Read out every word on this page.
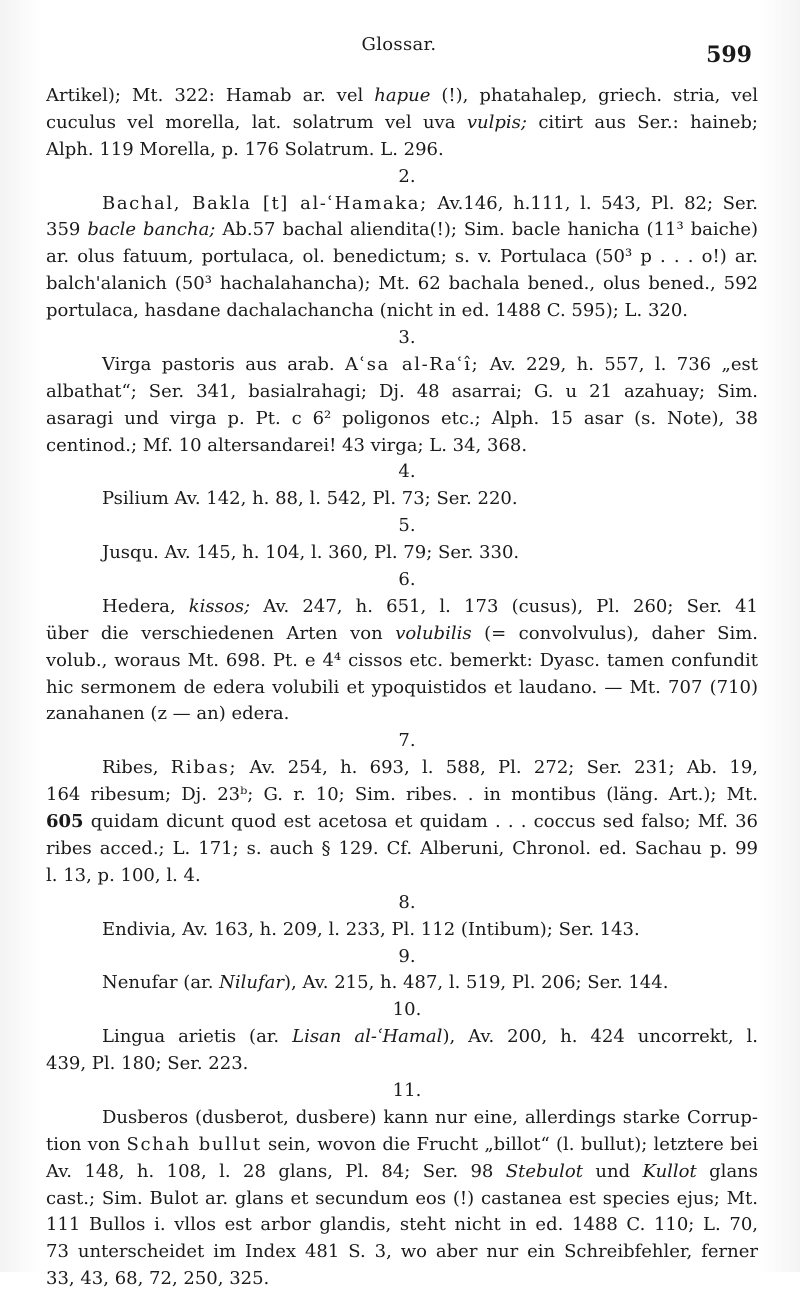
Glossar.	599
Artikel); Mt. 322: Hamab ar. vel hapue (!), phatahalep, griech. stria, vel
cuculus vel morella, lat. solatrum vel uva vulpis; citirt aus Ser.: haineb;
Alph. 119 Morella, p. 176 Solatrum. L. 296.
2.
Bachal, Bakla [t] al-ʿHamaka; Av.146, h.111, l. 543, Pl. 82; Ser.
359 bacle bancha; Ab.57 bachal aliendita(!); Sim. bacle hanicha (11³ baiche)
ar. olus fatuum, portulaca, ol. benedictum; s. v. Portulaca (50³ p . . . o!) ar.
balch'alanich (50³ hachalahancha); Mt. 62 bachala bened., olus bened., 592
portulaca, hasdane dachalachancha (nicht in ed. 1488 C. 595); L. 320.
3.
Virga pastoris aus arab. Aʿsa al-Raʿî; Av. 229, h. 557, l. 736 „est
albathat“; Ser. 341, basialrahagi; Dj. 48 asarrai; G. u 21 azahuay; Sim.
asaragi und virga p. Pt. c 6² poligonos etc.; Alph. 15 asar (s. Note), 38
centinod.; Mf. 10 altersandarei! 43 virga; L. 34, 368.
4.
Psilium Av. 142, h. 88, l. 542, Pl. 73; Ser. 220.
5.
Jusqu. Av. 145, h. 104, l. 360, Pl. 79; Ser. 330.
6.
Hedera, kissos; Av. 247, h. 651, l. 173 (cusus), Pl. 260; Ser. 41
über die verschiedenen Arten von volubilis (= convolvulus), daher Sim.
volub., woraus Mt. 698. Pt. e 4⁴ cissos etc. bemerkt: Dyasc. tamen confundit
hic sermonem de edera volubili et ypoquistidos et laudano. — Mt. 707 (710)
zanahanen (z — an) edera.
7.
Ribes, Ribas; Av. 254, h. 693, l. 588, Pl. 272; Ser. 231; Ab. 19,
164 ribesum; Dj. 23ᵇ; G. r. 10; Sim. ribes. . in montibus (läng. Art.); Mt.
605 quidam dicunt quod est acetosa et quidam . . . coccus sed falso; Mf. 36
ribes acced.; L. 171; s. auch § 129. Cf. Alberuni, Chronol. ed. Sachau p. 99
l. 13, p. 100, l. 4.
8.
Endivia, Av. 163, h. 209, l. 233, Pl. 112 (Intibum); Ser. 143.
9.
Nenufar (ar. Nilufar), Av. 215, h. 487, l. 519, Pl. 206; Ser. 144.
10.
Lingua arietis (ar. Lisan al-ʿHamal), Av. 200, h. 424 uncorrekt, l.
439, Pl. 180; Ser. 223.
11.
Dusberos (dusberot, dusbere) kann nur eine, allerdings starke Corrup-
tion von Schah bullut sein, wovon die Frucht „billot“ (l. bullut); letztere bei
Av. 148, h. 108, l. 28 glans, Pl. 84; Ser. 98 Stebulot und Kullot glans
cast.; Sim. Bulot ar. glans et secundum eos (!) castanea est species ejus; Mt.
111 Bullos i. vllos est arbor glandis, steht nicht in ed. 1488 C. 110; L. 70,
73 unterscheidet im Index 481 S. 3, wo aber nur ein Schreibfehler, ferner
33, 43, 68, 72, 250, 325.
